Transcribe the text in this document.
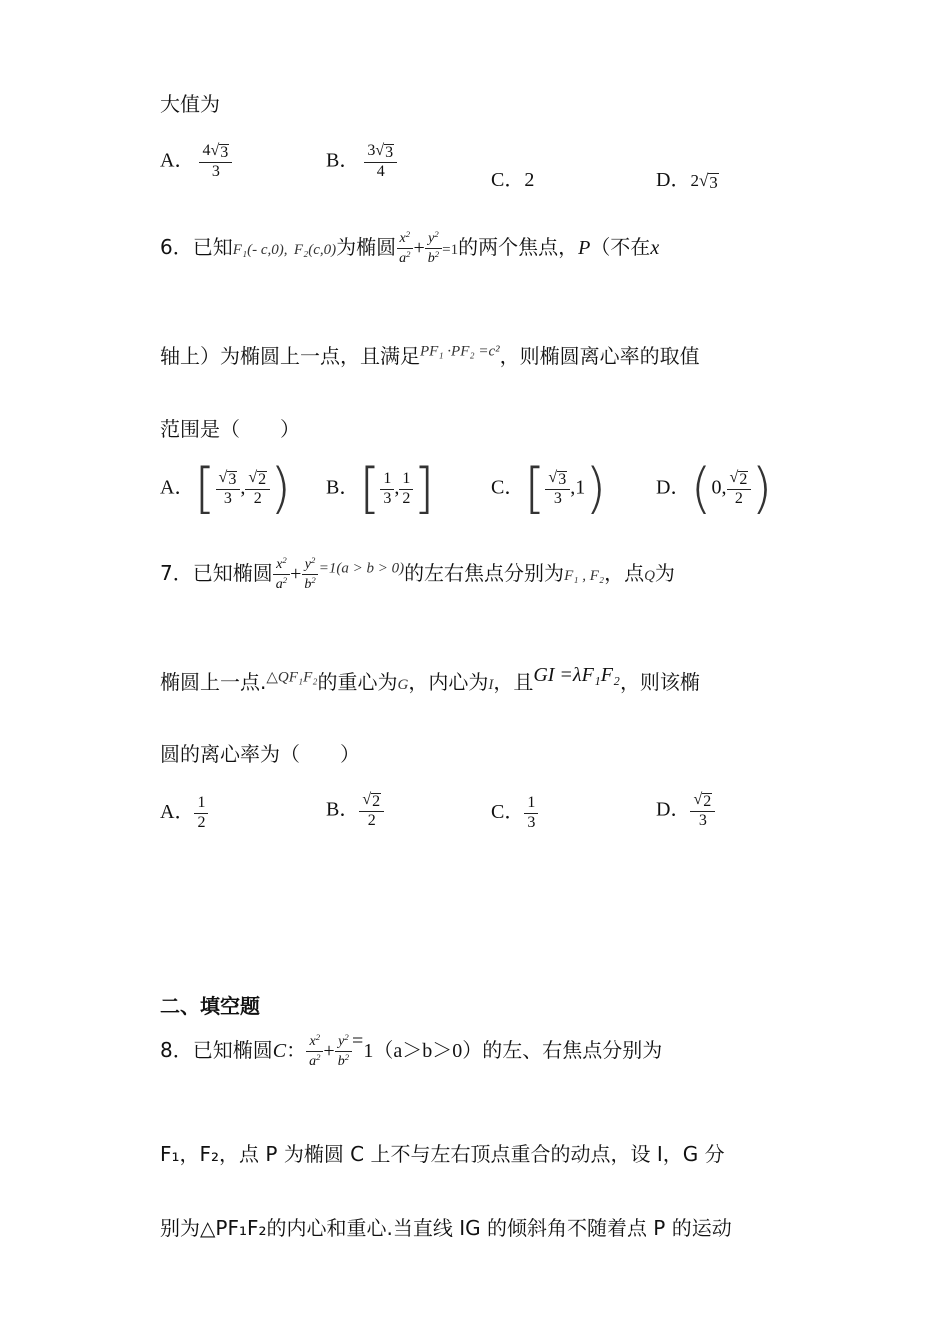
大值为
A． $\frac{4 √ 3}{3}$	B． $\frac{3 √ 3}{4}$	C．2	D．2 √ 3
6．已知F₁(- c,0), F₂(c,0)为椭圆 $\frac{x^2}{a^2} + \frac{y^2}{b^2} =1$的两个焦点，P（不在x
轴上）为椭圆上一点，且满足$^{PF_1 \cdot PF_2 =c^2}$，则椭圆离心率的取值
范围是（　　）
A．[ $\frac{√ 3}{3}$ , $\frac{√ 2}{2}$ ) B．[ $\frac{1}{3}$ , $\frac{1}{2}$ ]	C．[ $\frac{√ 3}{3} ,1$) D．(0, $\frac{√ 2}{2}$ )
7．已知椭圆 $\frac{x^2}{a^2} + \frac{y^2}{b^2} ^{=1(a > b > 0)}$的左右焦点分别为F₁ , F₂，点Q为
椭圆上一点.$^{\triangle QF_1F_2}$的重心为G，内心为I，且GI =λF₁F₂，则该椭
圆的离心率为（　　）
A． $\frac{1}{2}$	B． $\frac{√ 2}{2}$	C． $\frac{1}{3}$	D． $\frac{√ 2}{3}$
二、填空题
8．已知椭圆C： $\frac{x^2}{a^2} + \frac{y^2}{b^2} =1(a>b>0)$的左、右焦点分别为
F₁，F₂，点 P 为椭圆 C 上不与左右顶点重合的动点，设 I，G 分
别为△PF₁F₂的内心和重心.当直线 IG 的倾斜角不随着点 P 的运动
